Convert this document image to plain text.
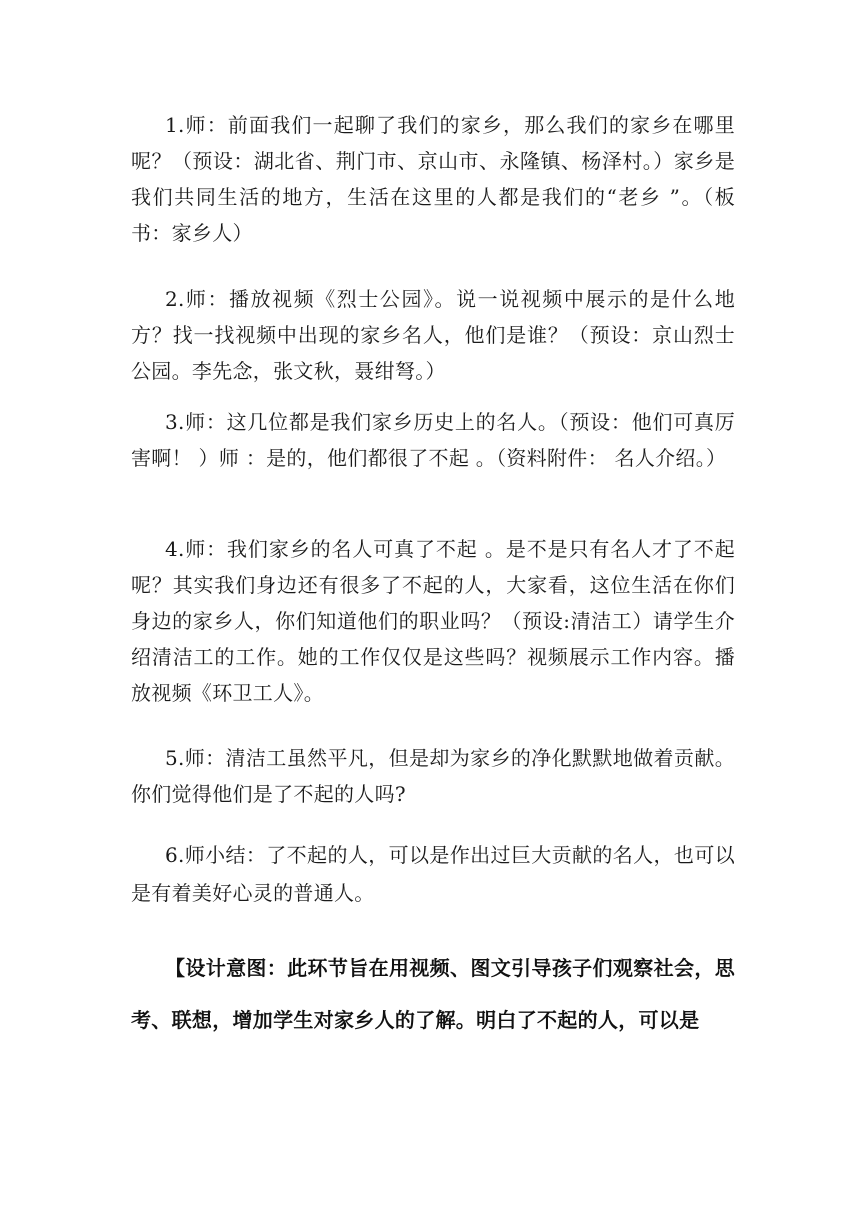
1.师：前面我们一起聊了我们的家乡，那么我们的家乡在哪里呢？（预设：湖北省、荆门市、京山市、永隆镇、杨泽村。）家乡是我们共同生活的地方，生活在这里的人都是我们的“老乡 ”。（板书：家乡人）

2.师：播放视频《烈士公园》。说一说视频中展示的是什么地方？找一找视频中出现的家乡名人，他们是谁？（预设：京山烈士公园。李先念，张文秋，聂绀弩。）

3.师：这几位都是我们家乡历史上的名人。（预设：他们可真厉害啊！ ）师 ：是的，他们都很了不起 。（资料附件： 名人介绍。）

4.师：我们家乡的名人可真了不起 。是不是只有名人才了不起呢？其实我们身边还有很多了不起的人，大家看，这位生活在你们身边的家乡人，你们知道他们的职业吗？（预设:清洁工）请学生介绍清洁工的工作。她的工作仅仅是这些吗？视频展示工作内容。播放视频《环卫工人》。

5.师：清洁工虽然平凡，但是却为家乡的净化默默地做着贡献。你们觉得他们是了不起的人吗?

6.师小结：了不起的人，可以是作出过巨大贡献的名人，也可以是有着美好心灵的普通人。

【设计意图：此环节旨在用视频、图文引导孩子们观察社会，思考、联想，增加学生对家乡人的了解。明白了不起的人，可以是
